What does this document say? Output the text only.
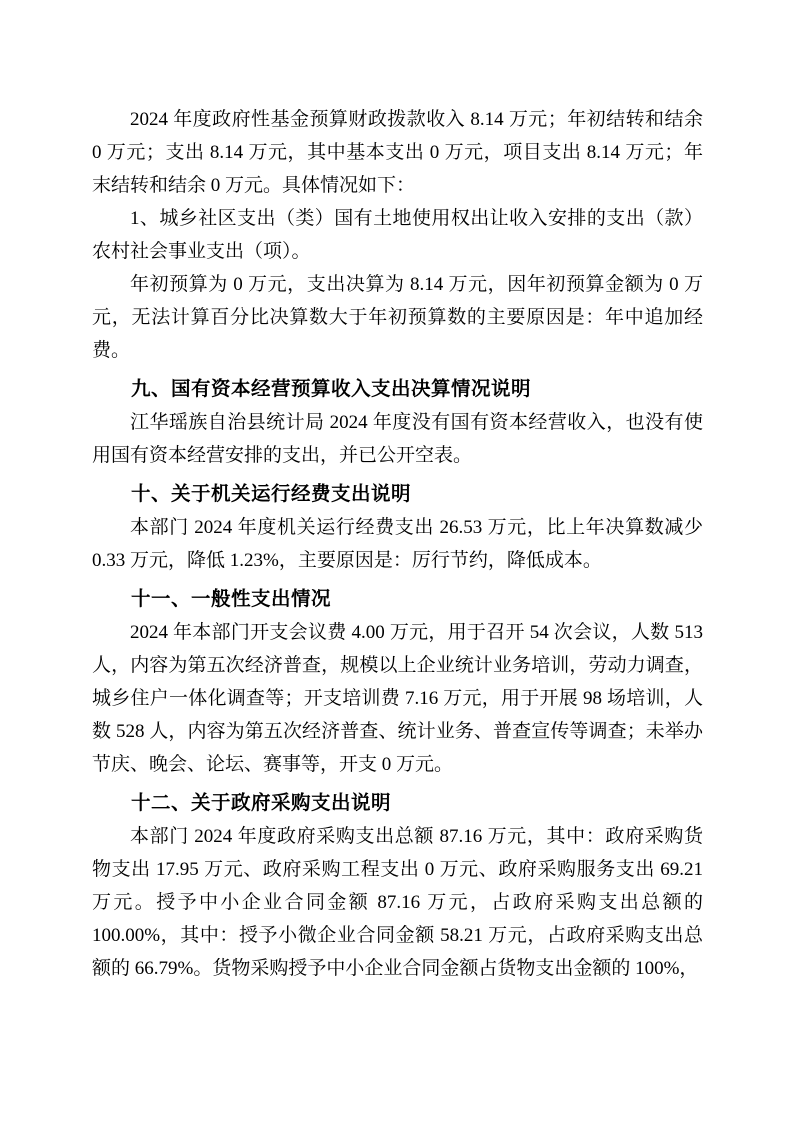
2024 年度政府性基金预算财政拨款收入 8.14 万元；年初结转和结余 0 万元；支出 8.14 万元，其中基本支出 0 万元，项目支出 8.14 万元；年末结转和结余 0 万元。具体情况如下：

1、城乡社区支出（类）国有土地使用权出让收入安排的支出（款）农村社会事业支出（项）。

年初预算为 0 万元，支出决算为 8.14 万元，因年初预算金额为 0 万元，无法计算百分比决算数大于年初预算数的主要原因是：年中追加经费。

九、国有资本经营预算收入支出决算情况说明

江华瑶族自治县统计局 2024 年度没有国有资本经营收入，也没有使用国有资本经营安排的支出，并已公开空表。

十、关于机关运行经费支出说明

本部门 2024 年度机关运行经费支出 26.53 万元，比上年决算数减少 0.33 万元，降低 1.23%，主要原因是：厉行节约，降低成本。

十一、一般性支出情况

2024 年本部门开支会议费 4.00 万元，用于召开 54 次会议，人数 513 人，内容为第五次经济普查，规模以上企业统计业务培训，劳动力调查，城乡住户一体化调查等；开支培训费 7.16 万元，用于开展 98 场培训，人数 528 人，内容为第五次经济普查、统计业务、普查宣传等调查；未举办节庆、晚会、论坛、赛事等，开支 0 万元。

十二、关于政府采购支出说明

本部门 2024 年度政府采购支出总额 87.16 万元，其中：政府采购货物支出 17.95 万元、政府采购工程支出 0 万元、政府采购服务支出 69.21 万元。授予中小企业合同金额 87.16 万元，占政府采购支出总额的 100.00%，其中：授予小微企业合同金额 58.21 万元，占政府采购支出总额的 66.79%。货物采购授予中小企业合同金额占货物支出金额的 100%，
